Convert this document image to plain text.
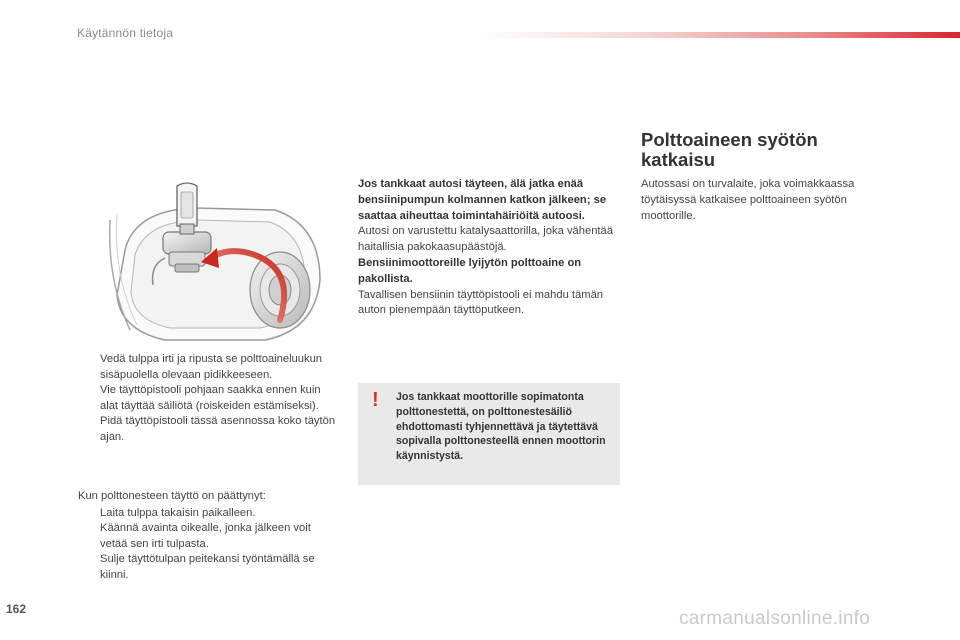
Käytännön tietoja
Vedä tulppa irti ja ripusta se polttoaineluukun sisäpuolella olevaan pidikkeeseen.
Vie täyttöpistooli pohjaan saakka ennen kuin alat täyttää säiliötä (roiskeiden estämiseksi).
Pidä täyttöpistooli tässä asennossa koko täytön ajan.
Kun polttonesteen täyttö on päättynyt:
Laita tulppa takaisin paikalleen.
Käännä avainta oikealle, jonka jälkeen voit vetää sen irti tulpasta.
Sulje täyttötulpan peitekansi työntämällä se kiinni.
Jos tankkaat autosi täyteen, älä jatka enää bensiinipumpun kolmannen katkon jälkeen; se saattaa aiheuttaa toimintahäiriöitä autoosi.
Autosi on varustettu katalysaattorilla, joka vähentää haitallisia pakokaasupäästöjä.
Bensiinimoottoreille lyijytön polttoaine on pakollista.
Tavallisen bensiinin täyttöpistooli ei mahdu tämän auton pienempään täyttöputkeen.
! Jos tankkaat moottorille sopimatonta polttonestettä, on polttonestesäiliö ehdottomasti tyhjennettävä ja täytettävä sopivalla polttonesteellä ennen moottorin käynnistystä.
Polttoaineen syötön katkaisu
Autossasi on turvalaite, joka voimakkaassa töytäisyssä katkaisee polttoaineen syötön moottorille.
162	carmanualsonline.info
